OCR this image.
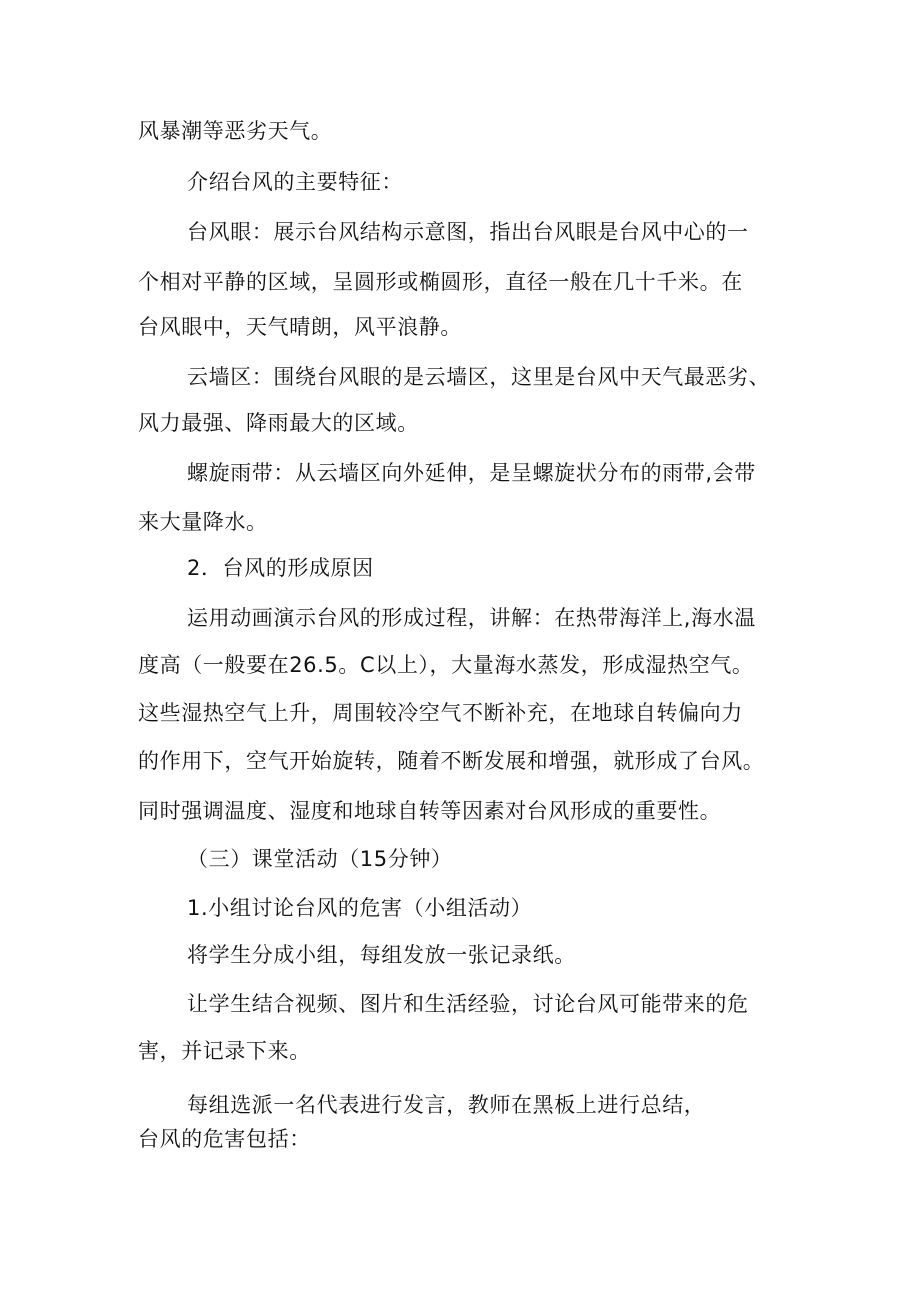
风暴潮等恶劣天气。
介绍台风的主要特征：
台风眼：展示台风结构示意图，指出台风眼是台风中心的一
个相对平静的区域，呈圆形或椭圆形，直径一般在几十千米。在
台风眼中，天气晴朗，风平浪静。
云墙区：围绕台风眼的是云墙区，这里是台风中天气最恶劣、
风力最强、降雨最大的区域。
螺旋雨带：从云墙区向外延伸，是呈螺旋状分布的雨带,会带
来大量降水。
2．台风的形成原因
运用动画演示台风的形成过程，讲解：在热带海洋上,海水温
度高（一般要在26.5。C以上），大量海水蒸发，形成湿热空气。
这些湿热空气上升，周围较冷空气不断补充，在地球自转偏向力
的作用下，空气开始旋转，随着不断发展和增强，就形成了台风。
同时强调温度、湿度和地球自转等因素对台风形成的重要性。
（三）课堂活动（15分钟）
1.小组讨论台风的危害（小组活动）
将学生分成小组，每组发放一张记录纸。
让学生结合视频、图片和生活经验，讨论台风可能带来的危
害，并记录下来。
每组选派一名代表进行发言，教师在黑板上进行总结，
台风的危害包括：
